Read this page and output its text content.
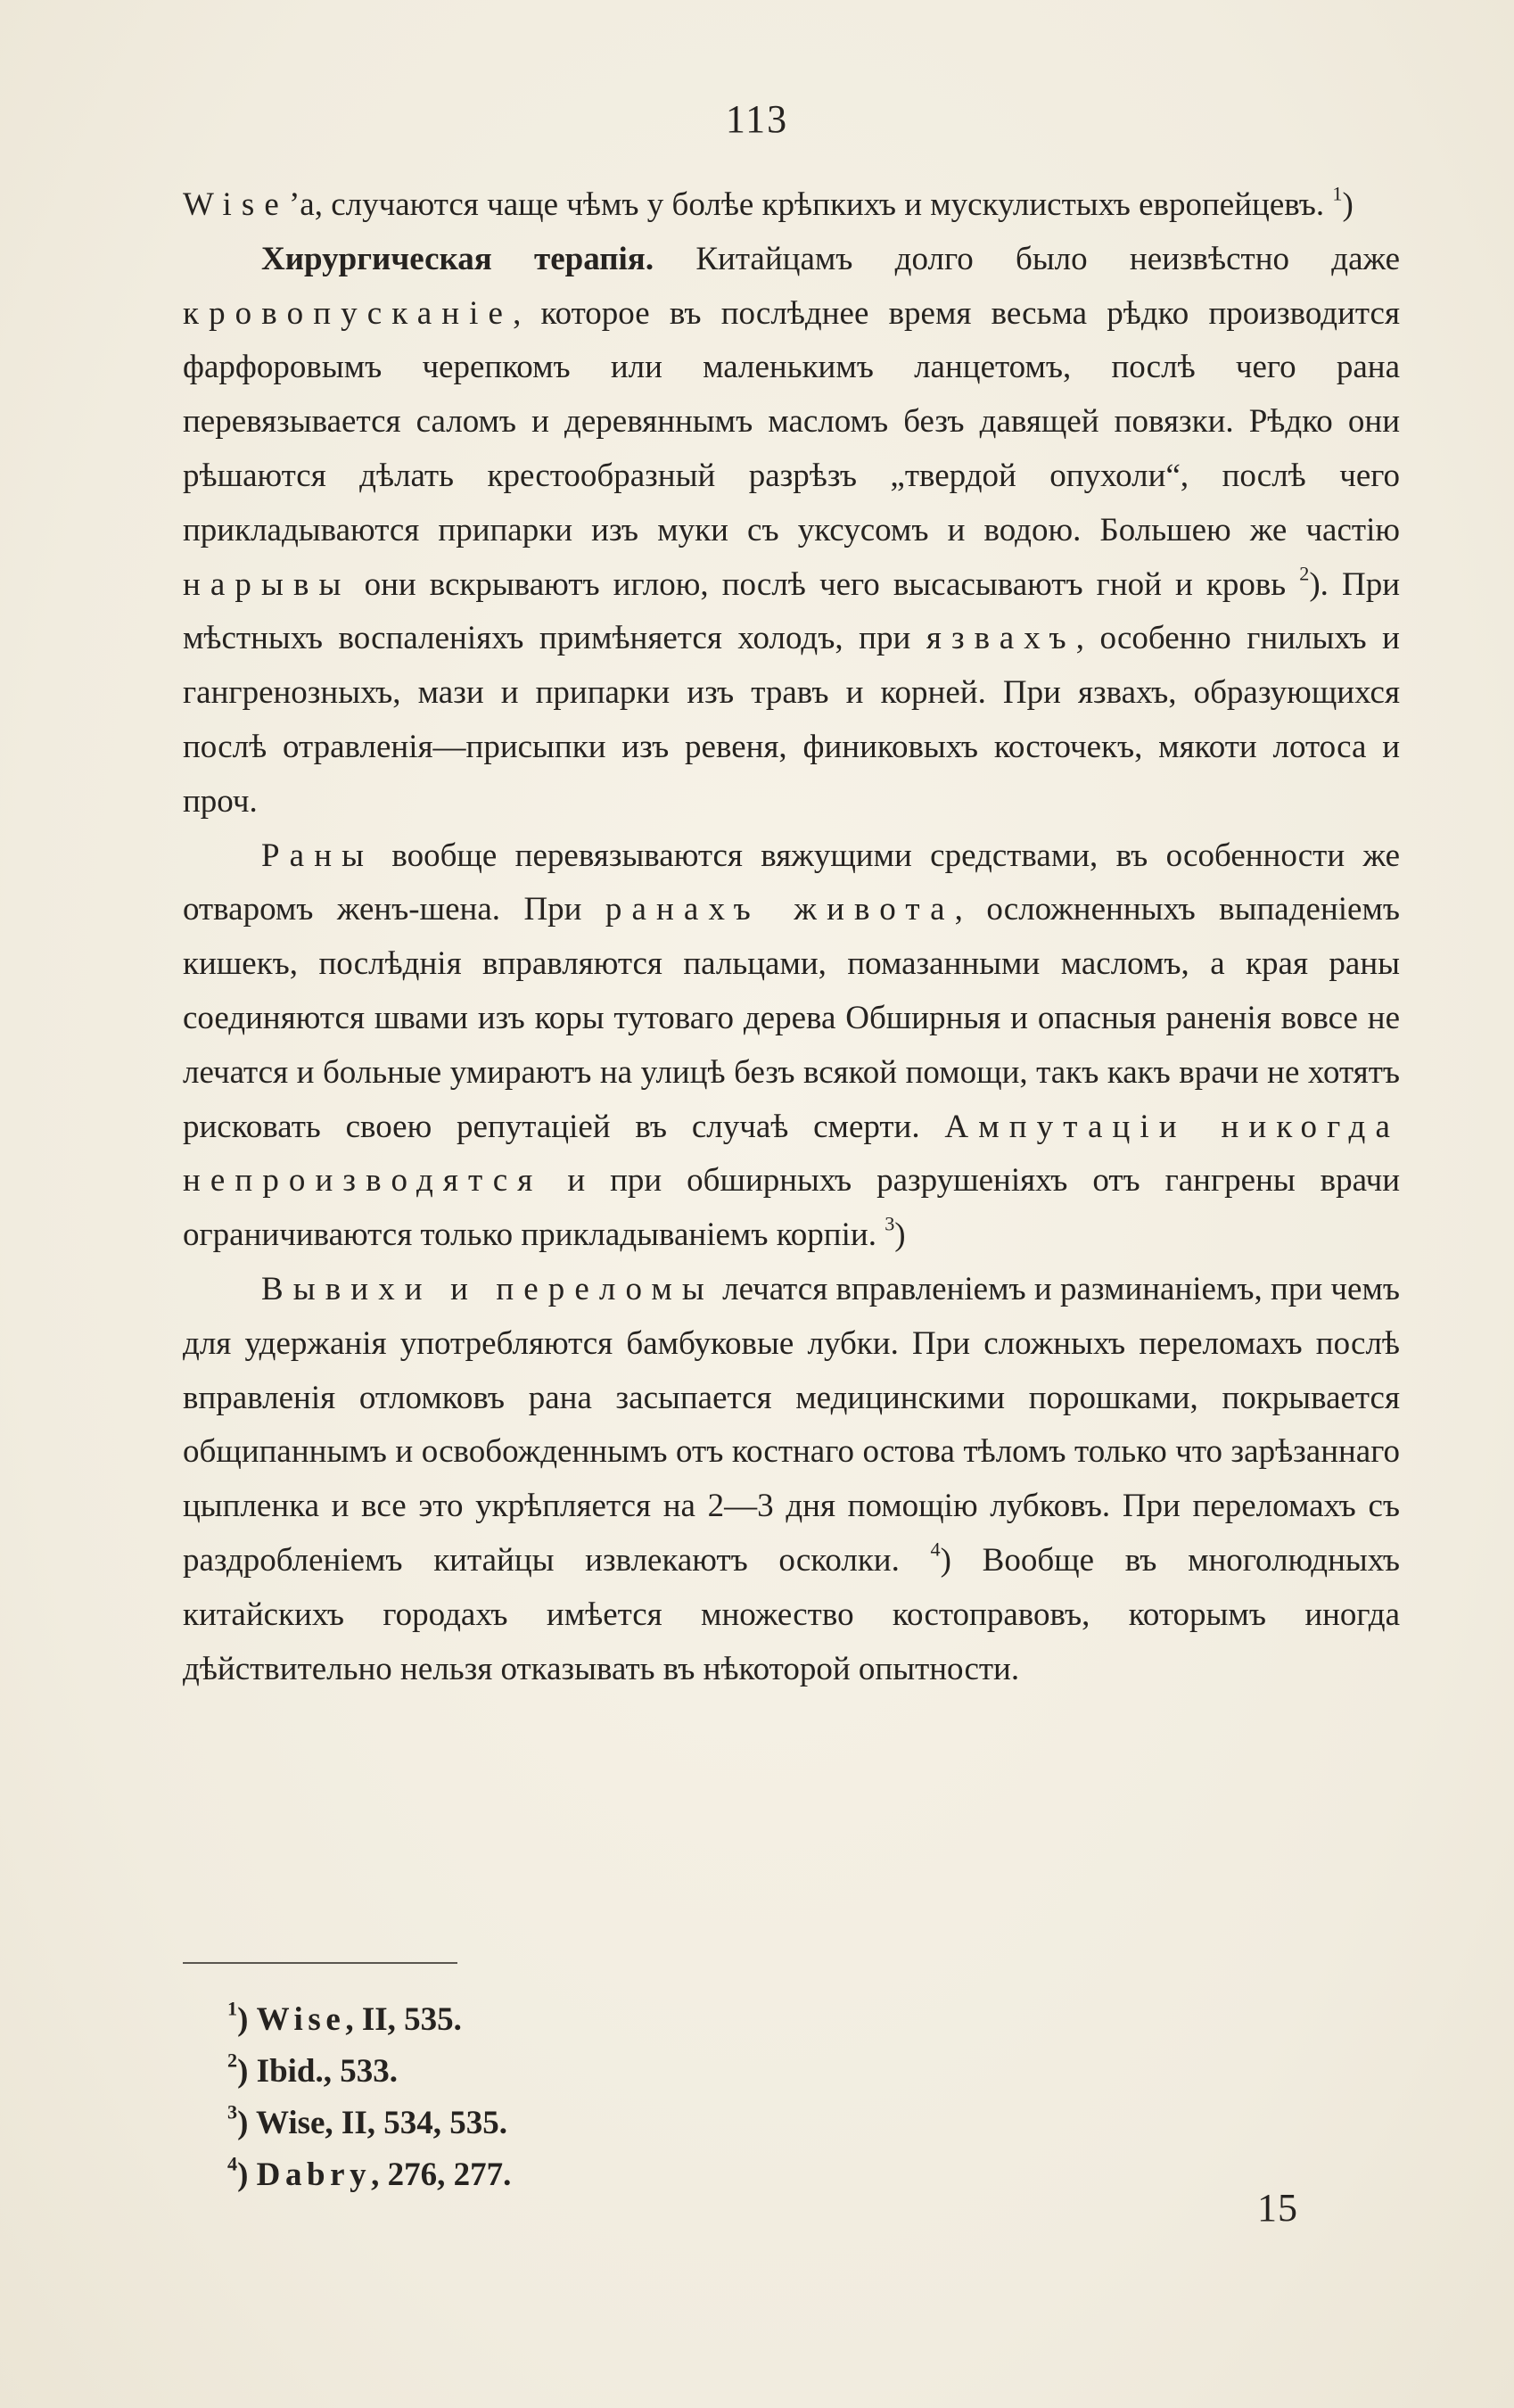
113

Wise’a, случаются чаще чѣмъ у болѣе крѣпкихъ и мускулистыхъ европейцевъ. $^1$)

Хирургическая терапія. Китайцамъ долго было неизвѣстно даже кровопусканіе, которое въ послѣднее время весьма рѣдко производится фарфоровымъ черепкомъ или маленькимъ ланцетомъ, послѣ чего рана перевязывается саломъ и деревяннымъ масломъ безъ давящей повязки. Рѣдко они рѣшаются дѣлать крестообразный разрѣзъ „твердой опухоли“, послѣ чего прикладываются припарки изъ муки съ уксусомъ и водою. Большею же частію нарывы они вскрываютъ иглою, послѣ чего высасываютъ гной и кровь $^2$). При мѣстныхъ воспаленіяхъ примѣняется холодъ, при язвахъ, особенно гнилыхъ и гангренозныхъ, мази и припарки изъ травъ и корней. При язвахъ, образующихся послѣ отравленія—присыпки изъ ревеня, финиковыхъ косточекъ, мякоти лотоса и проч.

Раны вообще перевязываются вяжущими средствами, въ особенности же отваромъ женъ-шена. При ранахъ живота, осложненныхъ выпаденіемъ кишекъ, послѣднія вправляются пальцами, помазанными масломъ, а края раны соединяются швами изъ коры тутоваго дерева Обширныя и опасныя раненія вовсе не лечатся и больные умираютъ на улицѣ безъ всякой помощи, такъ какъ врачи не хотятъ рисковать своею репутаціей въ случаѣ смерти. Ампутаціи никогда непроизводятся и при обширныхъ разрушеніяхъ отъ гангрены врачи ограничиваются только прикладываніемъ корпіи. $^3$)

Вывихи и переломы лечатся вправленіемъ и разминаніемъ, при чемъ для удержанія употребляются бамбуковые лубки. При сложныхъ переломахъ послѣ вправленія отломковъ рана засыпается медицинскими порошками, покрывается общипаннымъ и освобожденнымъ отъ костнаго остова тѣломъ только что зарѣзаннаго цыпленка и все это укрѣпляется на 2—3 дня помощію лубковъ. При переломахъ съ раздробленіемъ китайцы извлекаютъ осколки. $^4$) Вообще въ многолюдныхъ китайскихъ городахъ имѣется множество костоправовъ, которымъ иногда дѣйствительно нельзя отказывать въ нѣкоторой опытности.

$^1$) Wise, II, 535.

$^2$) Ibid., 533.

$^3$) Wise, II, 534, 535.

$^4$) Dabry, 276, 277.

15
